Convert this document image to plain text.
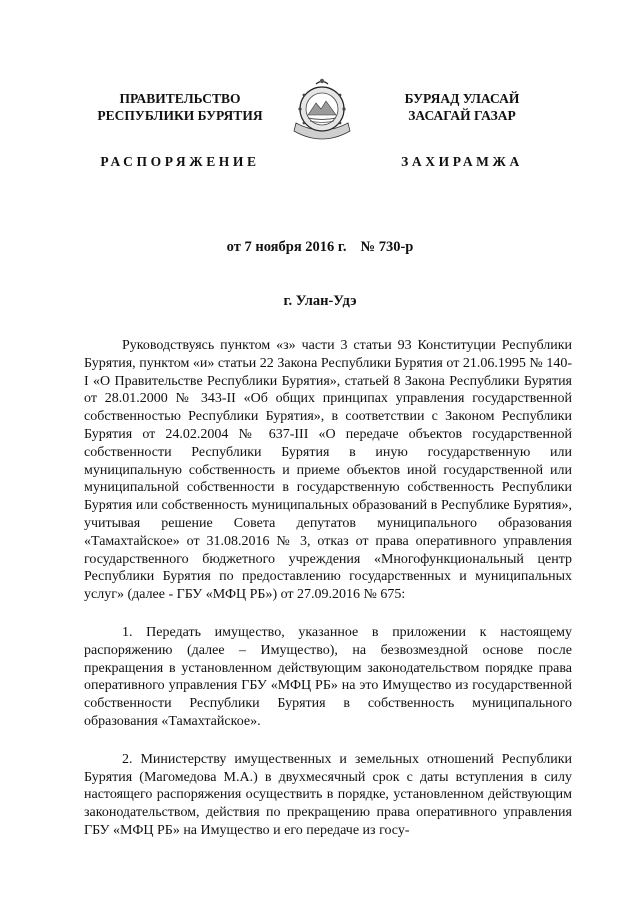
ПРАВИТЕЛЬСТВО
РЕСПУБЛИКИ БУРЯТИЯ
РАСПОРЯЖЕНИЕ
БУРЯАД УЛАСАЙ
ЗАСАГАЙ ГАЗАР
ЗАХИРАМЖА
от 7 ноября 2016 г. № 730-р
г. Улан-Удэ

Руководствуясь пунктом «з» части 3 статьи 93 Конституции Республики Бурятия, пунктом «и» статьи 22 Закона Республики Бурятия от 21.06.1995 № 140-I «О Правительстве Республики Бурятия», статьей 8 Закона Республики Бурятия от 28.01.2000 № 343-II «Об общих принципах управления государственной собственностью Республики Бурятия», в соответствии с Законом Республики Бурятия от 24.02.2004 № 637-III «О передаче объектов государственной собственности Республики Бурятия в иную государственную или муниципальную собственность и приеме объектов иной государственной или муниципальной собственности в государственную собственность Республики Бурятия или собственность муниципальных образований в Республике Бурятия», учитывая решение Совета депутатов муниципального образования «Тамахтайское» от 31.08.2016 № 3, отказ от права оперативного управления государственного бюджетного учреждения «Многофункциональный центр Республики Бурятия по предоставлению государственных и муниципальных услуг» (далее - ГБУ «МФЦ РБ») от 27.09.2016 № 675:

1. Передать имущество, указанное в приложении к настоящему распоряжению (далее – Имущество), на безвозмездной основе после прекращения в установленном действующим законодательством порядке права оперативного управления ГБУ «МФЦ РБ» на это Имущество из государственной собственности Республики Бурятия в собственность муниципального образования «Тамахтайское».

2. Министерству имущественных и земельных отношений Республики Бурятия (Магомедова М.А.) в двухмесячный срок с даты вступления в силу настоящего распоряжения осуществить в порядке, установленном действующим законодательством, действия по прекращению права оперативного управления ГБУ «МФЦ РБ» на Имущество и его передаче из госу-
